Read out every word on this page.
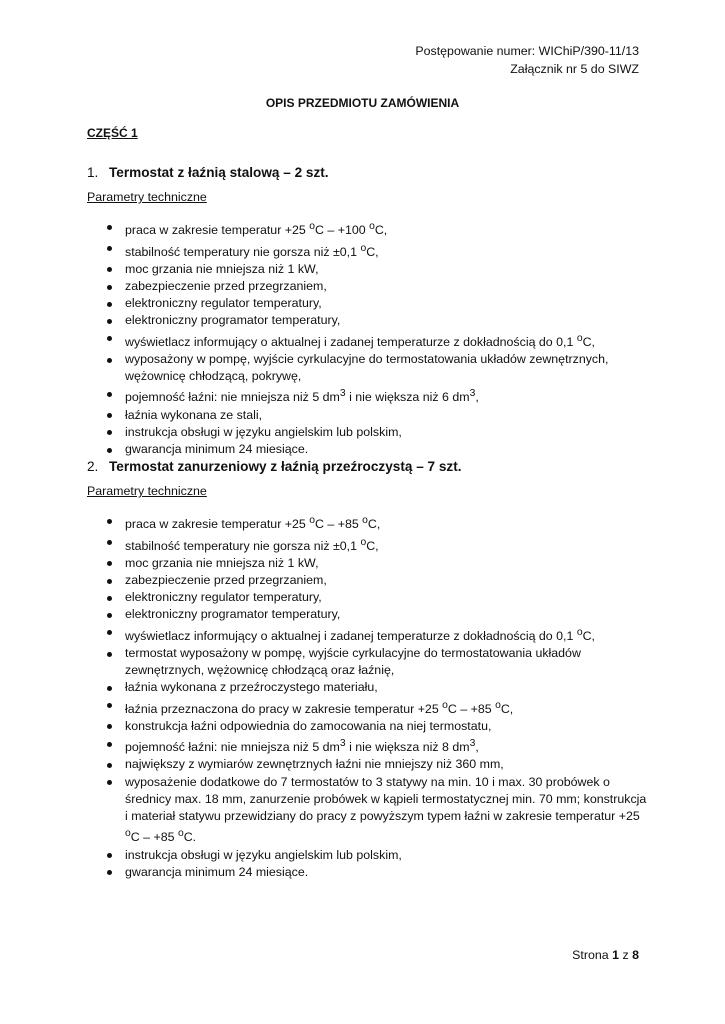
Postępowanie numer: WIChiP/390-11/13
Załącznik nr 5 do SIWZ
OPIS PRZEDMIOTU ZAMÓWIENIA
CZĘŚĆ 1
1. Termostat z łaźnią stalową – 2 szt.
Parametry techniczne
praca w zakresie temperatur +25 $^o$C – +100 $^o$C,
stabilność temperatury nie gorsza niż ±0,1 $^o$C,
moc grzania nie mniejsza niż 1 kW,
zabezpieczenie przed przegrzaniem,
elektroniczny regulator temperatury,
elektroniczny programator temperatury,
wyświetlacz informujący o aktualnej i zadanej temperaturze z dokładnością do 0,1 $^o$C,
wyposażony w pompę, wyjście cyrkulacyjne do termostatowania układów zewnętrznych, wężownicę chłodzącą, pokrywę,
pojemność łaźni: nie mniejsza niż 5 $dm^3$ i nie większa niż 6 $dm^3$,
łaźnia wykonana ze stali,
instrukcja obsługi w języku angielskim lub polskim,
gwarancja minimum 24 miesiące.
2. Termostat zanurzeniowy z łaźnią przeźroczystą – 7 szt.
Parametry techniczne
praca w zakresie temperatur +25 $^o$C – +85 $^o$C,
stabilność temperatury nie gorsza niż ±0,1 $^o$C,
moc grzania nie mniejsza niż 1 kW,
zabezpieczenie przed przegrzaniem,
elektroniczny regulator temperatury,
elektroniczny programator temperatury,
wyświetlacz informujący o aktualnej i zadanej temperaturze z dokładnością do 0,1 $^o$C,
termostat wyposażony w pompę, wyjście cyrkulacyjne do termostatowania układów zewnętrznych, wężownicę chłodzącą oraz łaźnię,
łaźnia wykonana z przeźroczystego materiału,
łaźnia przeznaczona do pracy w zakresie temperatur +25 $^o$C – +85 $^o$C,
konstrukcja łaźni odpowiednia do zamocowania na niej termostatu,
pojemność łaźni: nie mniejsza niż 5 $dm^3$ i nie większa niż 8 $dm^3$,
największy z wymiarów zewnętrznych łaźni nie mniejszy niż 360 mm,
wyposażenie dodatkowe do 7 termostatów to 3 statywy na min. 10 i max. 30 probówek o średnicy max. 18 mm, zanurzenie probówek w kąpieli termostatycznej min. 70 mm; konstrukcja i materiał statywu przewidziany do pracy z powyższym typem łaźni w zakresie temperatur +25 $^o$C – +85 $^o$C.
instrukcja obsługi w języku angielskim lub polskim,
gwarancja minimum 24 miesiące.
Strona 1 z 8
